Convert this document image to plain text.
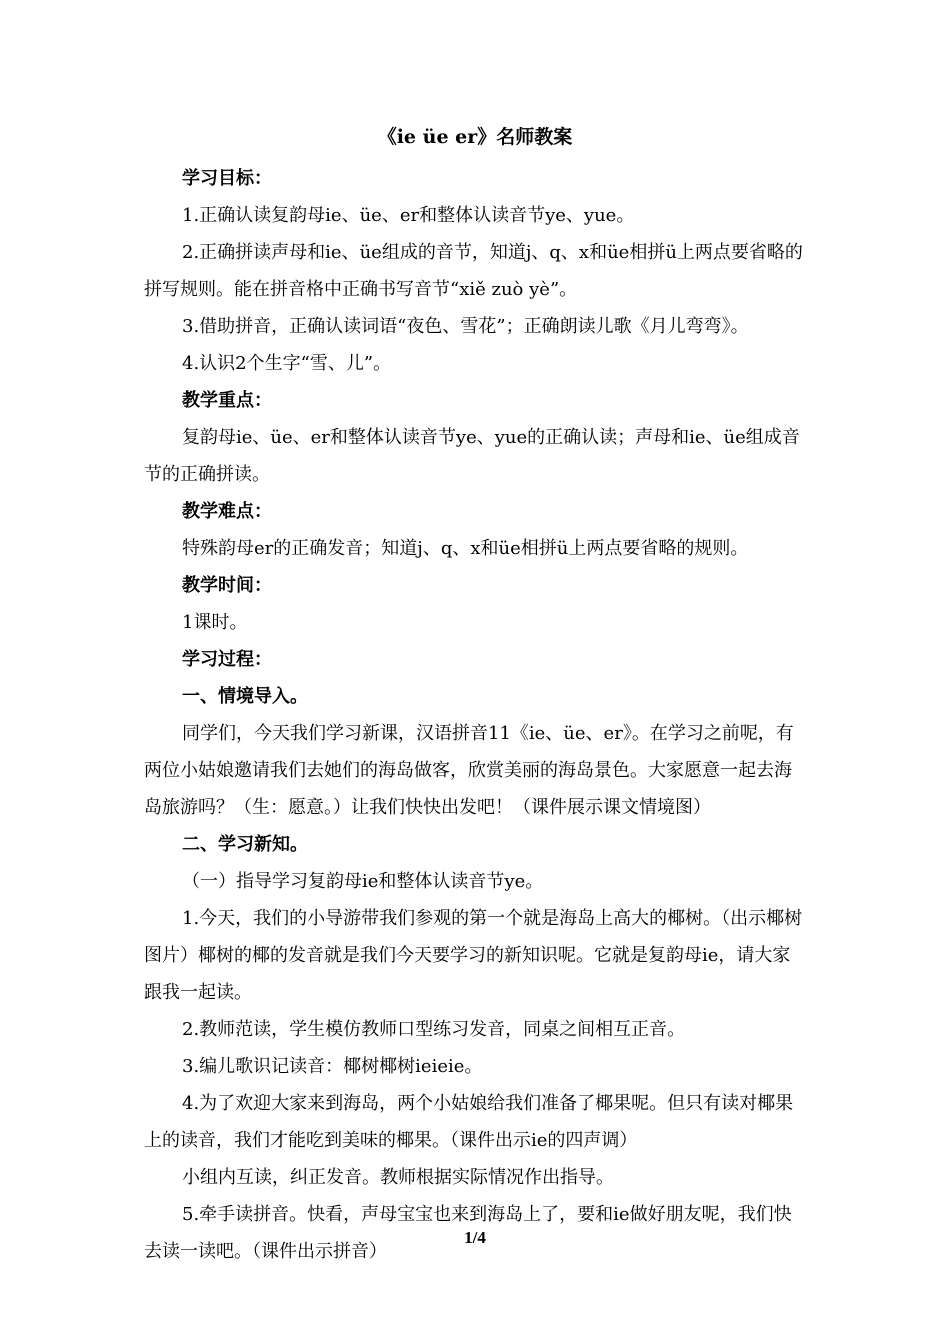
《ie üe er》名师教案

学习目标：

1.正确认读复韵母ie、üe、er和整体认读音节ye、yue。

2.正确拼读声母和ie、üe组成的音节，知道j、q、x和üe相拼ü上两点要省略的拼写规则。能在拼音格中正确书写音节“xiě zuò yè”。

3.借助拼音，正确认读词语“夜色、雪花”；正确朗读儿歌《月儿弯弯》。

4.认识2个生字“雪、儿”。

教学重点：

复韵母ie、üe、er和整体认读音节ye、yue的正确认读；声母和ie、üe组成音节的正确拼读。

教学难点：

特殊韵母er的正确发音；知道j、q、x和üe相拼ü上两点要省略的规则。

教学时间：

1课时。

学习过程：

一、情境导入。

同学们，今天我们学习新课，汉语拼音11《ie、üe、er》。在学习之前呢，有两位小姑娘邀请我们去她们的海岛做客，欣赏美丽的海岛景色。大家愿意一起去海岛旅游吗？（生：愿意。）让我们快快出发吧！（课件展示课文情境图）

二、学习新知。

（一）指导学习复韵母ie和整体认读音节ye。

1.今天，我们的小导游带我们参观的第一个就是海岛上高大的椰树。（出示椰树图片）椰树的椰的发音就是我们今天要学习的新知识呢。它就是复韵母ie，请大家跟我一起读。

2.教师范读，学生模仿教师口型练习发音，同桌之间相互正音。

3.编儿歌识记读音：椰树椰树ieieie。

4.为了欢迎大家来到海岛，两个小姑娘给我们准备了椰果呢。但只有读对椰果上的读音，我们才能吃到美味的椰果。（课件出示ie的四声调）

小组内互读，纠正发音。教师根据实际情况作出指导。

5.牵手读拼音。快看，声母宝宝也来到海岛上了，要和ie做好朋友呢，我们快去读一读吧。（课件出示拼音）

1/4
